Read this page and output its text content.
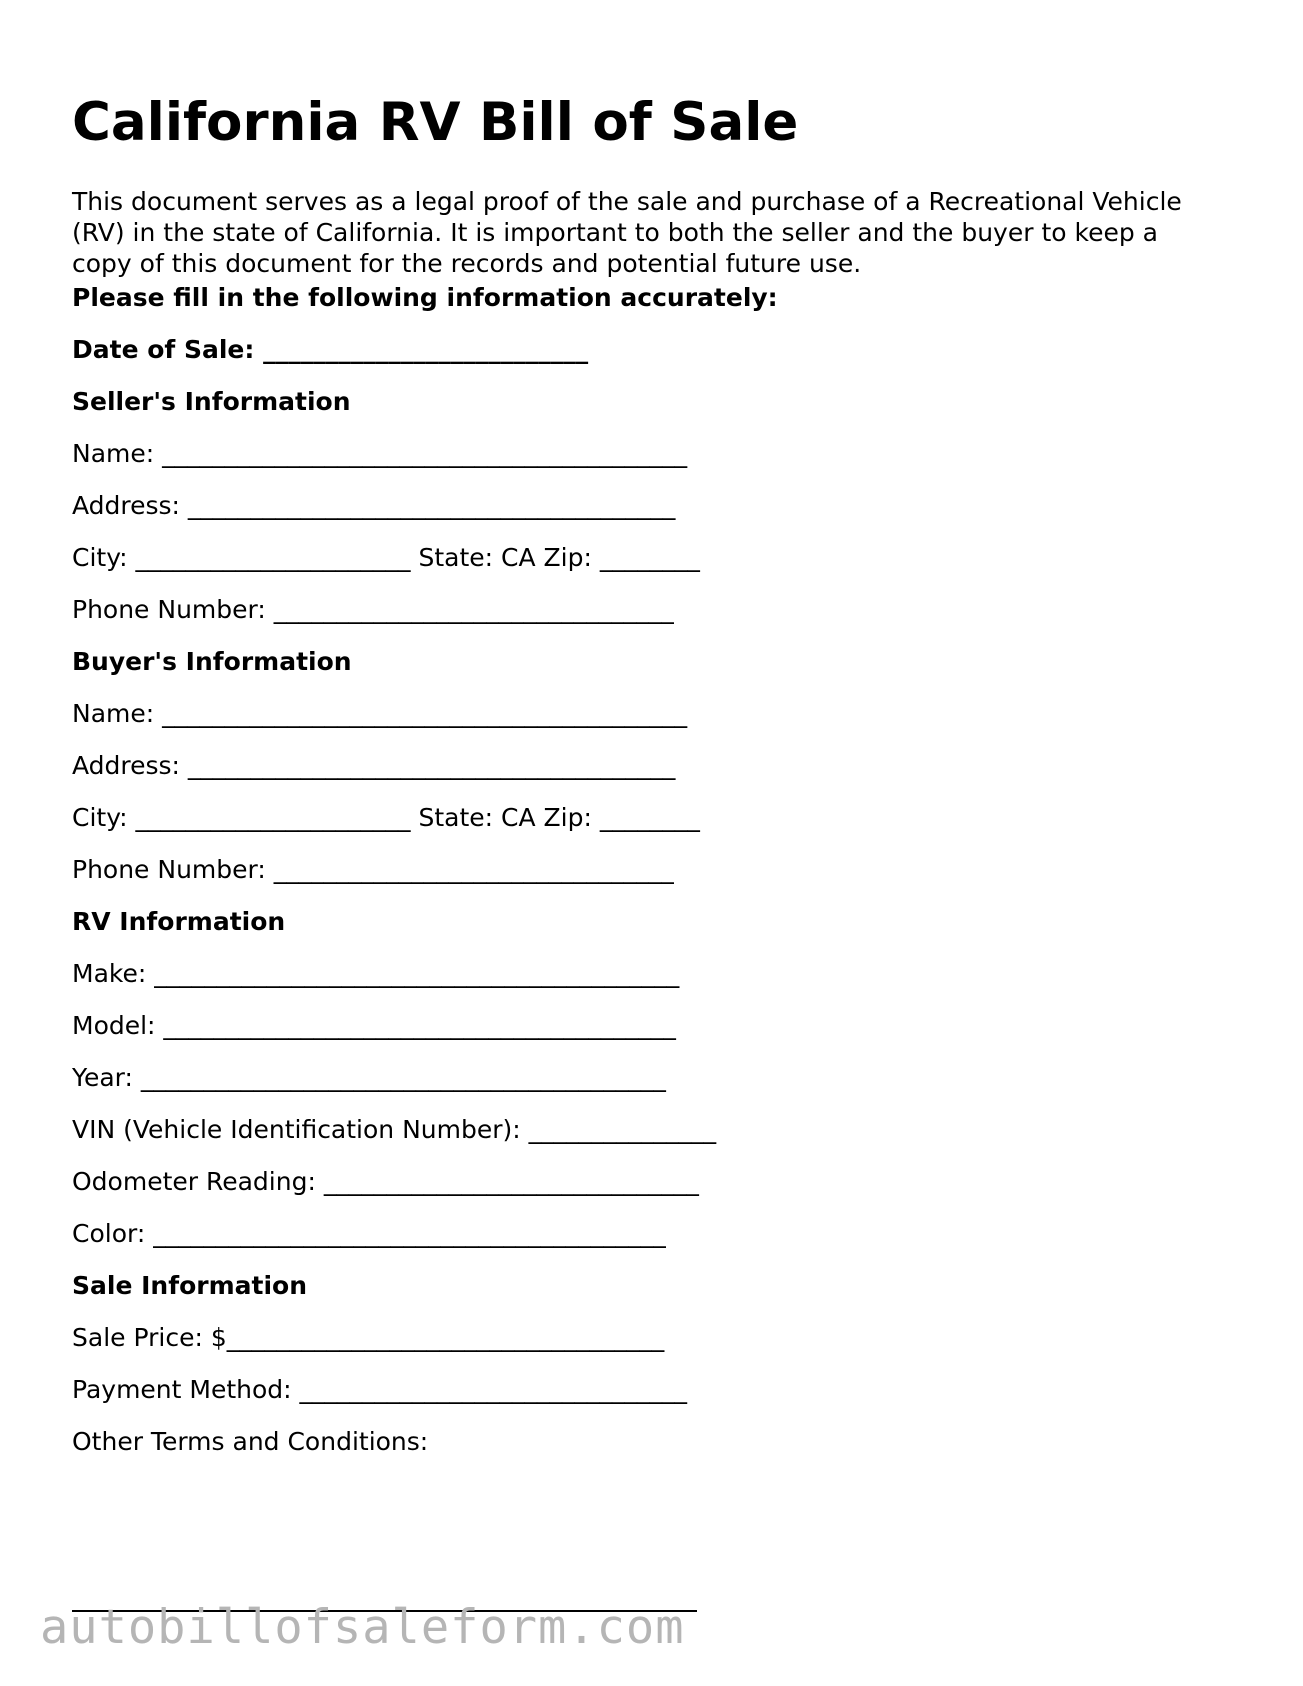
California RV Bill of Sale

This document serves as a legal proof of the sale and purchase of a Recreational Vehicle (RV) in the state of California. It is important to both the seller and the buyer to keep a copy of this document for the records and potential future use.

Please fill in the following information accurately:
Date of Sale: __________________________
Seller's Information
Name: __________________________________________
Address: _______________________________________
City: ______________________ State: CA Zip: ________
Phone Number: ________________________________
Buyer's Information
Name: __________________________________________
Address: _______________________________________
City: ______________________ State: CA Zip: ________
Phone Number: ________________________________
RV Information
Make: __________________________________________
Model: _________________________________________
Year: __________________________________________
VIN (Vehicle Identification Number): _______________
Odometer Reading: ______________________________
Color: _________________________________________
Sale Information
Sale Price: $___________________________________
Payment Method: _______________________________
Other Terms and Conditions:
autobillofsaleform.com
